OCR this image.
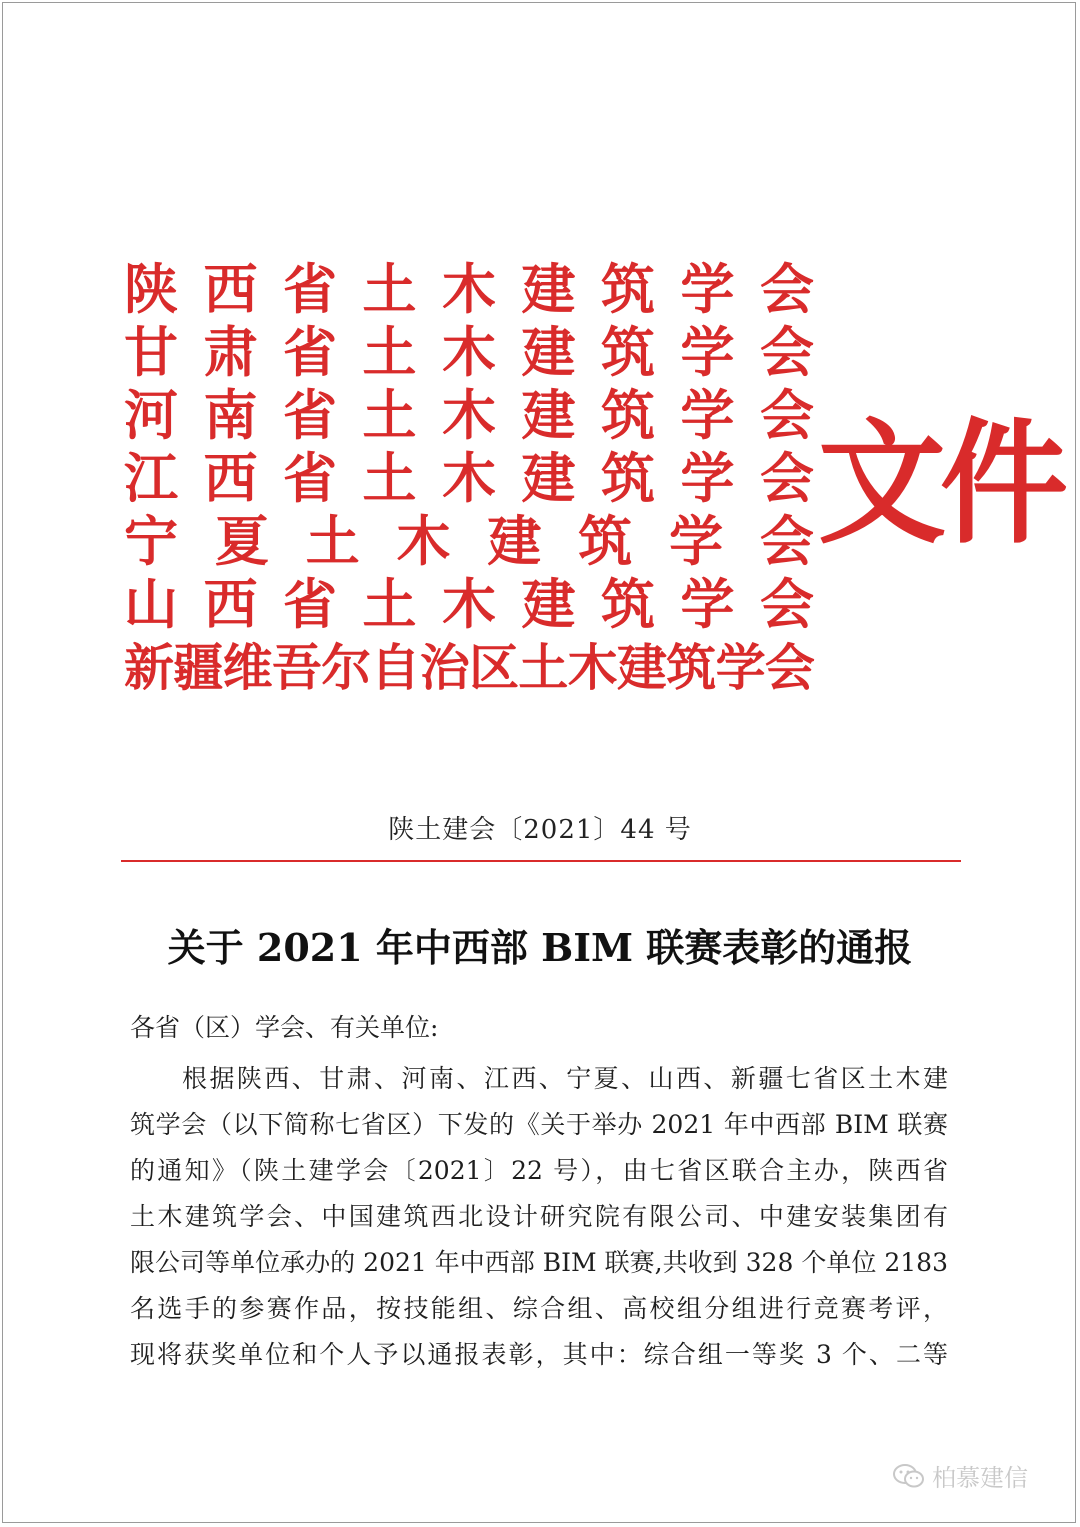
陕 西 省 土 木 建 筑 学 会
甘 肃 省 土 木 建 筑 学 会
河 南 省 土 木 建 筑 学 会
江 西 省 土 木 建 筑 学 会
宁 夏 土 木 建 筑 学 会
山 西 省 土 木 建 筑 学 会
新 疆 维 吾 尔 自 治 区 土 木 建 筑 学 会
文件
陕土建会〔2021〕44 号
关于 2021 年中西部 BIM 联赛表彰的通报
各省（区）学会、有关单位:
根据陕西、甘肃、河南、江西、宁夏、山西、新疆七省区土木建
筑学会（以下简称七省区）下发的《关于举办 2021 年中西部 BIM 联赛
的通知》（陕土建学会〔2021〕22 号），由七省区联合主办，陕西省
土木建筑学会、中国建筑西北设计研究院有限公司、中建安装集团有
限公司等单位承办的 2021 年中西部 BIM 联赛,共收到 328 个单位 2183
名选手的参赛作品，按技能组、综合组、高校组分组进行竞赛考评，
现将获奖单位和个人予以通报表彰，其中：综合组一等奖 3 个、二等
柏慕建信
